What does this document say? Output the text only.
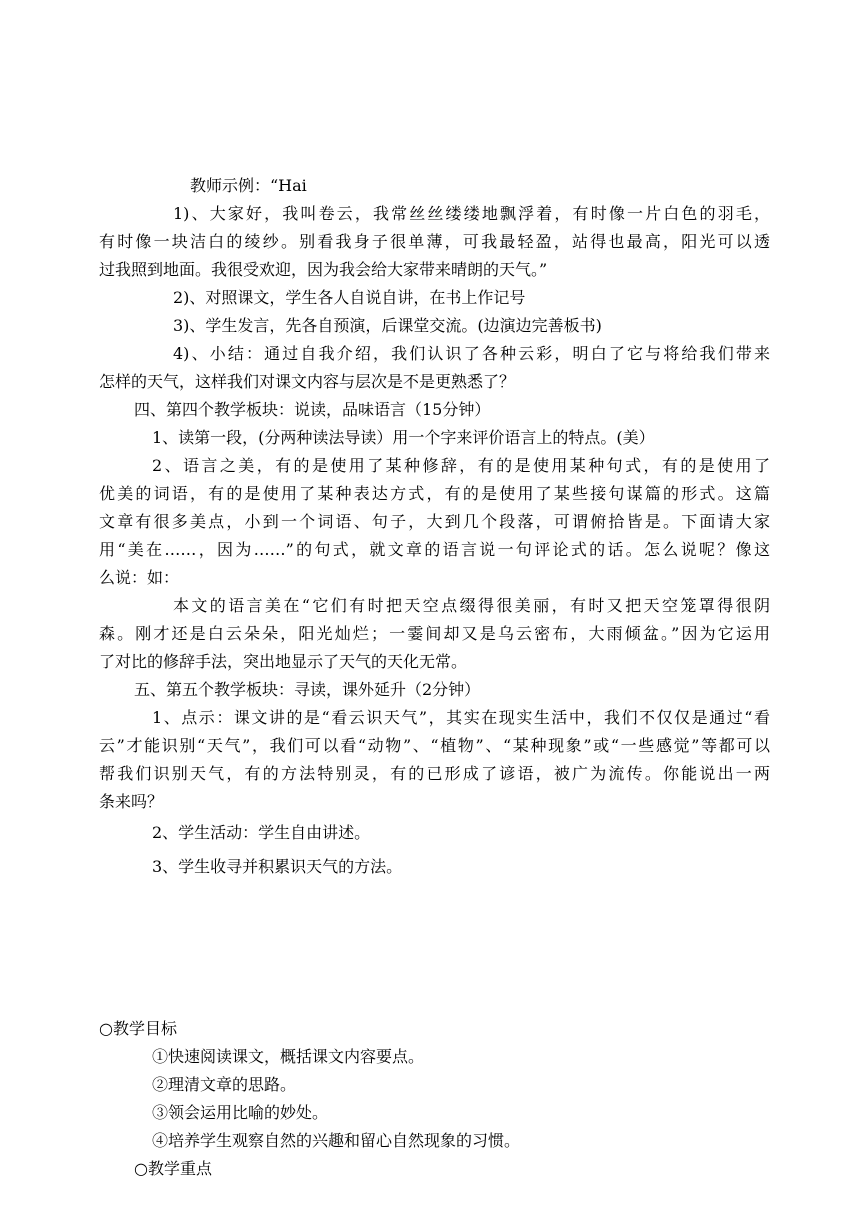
教师示例：“Hai
1)、大家好，我叫卷云，我常丝丝缕缕地飘浮着，有时像一片白色的羽毛，
有时像一块洁白的绫纱。别看我身子很单薄，可我最轻盈，站得也最高，阳光可以透
过我照到地面。我很受欢迎，因为我会给大家带来晴朗的天气。”
2)、对照课文，学生各人自说自讲，在书上作记号
3)、学生发言，先各自预演，后课堂交流。(边演边完善板书)
4)、小结：通过自我介绍，我们认识了各种云彩，明白了它与将给我们带来
怎样的天气，这样我们对课文内容与层次是不是更熟悉了？
四、第四个教学板块：说读，品味语言（15分钟）
1、读第一段，(分两种读法导读）用一个字来评价语言上的特点。(美）
2、语言之美，有的是使用了某种修辞，有的是使用某种句式，有的是使用了
优美的词语，有的是使用了某种表达方式，有的是使用了某些接句谋篇的形式。这篇
文章有很多美点，小到一个词语、句子，大到几个段落，可谓俯拾皆是。下面请大家
用“美在……，因为……”的句式，就文章的语言说一句评论式的话。怎么说呢？像这
么说：如：
本文的语言美在“它们有时把天空点缀得很美丽，有时又把天空笼罩得很阴
森。刚才还是白云朵朵，阳光灿烂；一霎间却又是乌云密布，大雨倾盆。”因为它运用
了对比的修辞手法，突出地显示了天气的天化无常。
五、第五个教学板块：寻读，课外延升（2分钟）
1、点示：课文讲的是“看云识天气”，其实在现实生活中，我们不仅仅是通过“看
云”才能识别“天气”，我们可以看“动物”、“植物”、“某种现象”或“一些感觉”等都可以
帮我们识别天气，有的方法特别灵，有的已形成了谚语，被广为流传。你能说出一两
条来吗？
2、学生活动：学生自由讲述。
3、学生收寻并积累识天气的方法。
○教学目标
①快速阅读课文，概括课文内容要点。
②理清文章的思路。
③领会运用比喻的妙处。
④培养学生观察自然的兴趣和留心自然现象的习惯。
○教学重点
